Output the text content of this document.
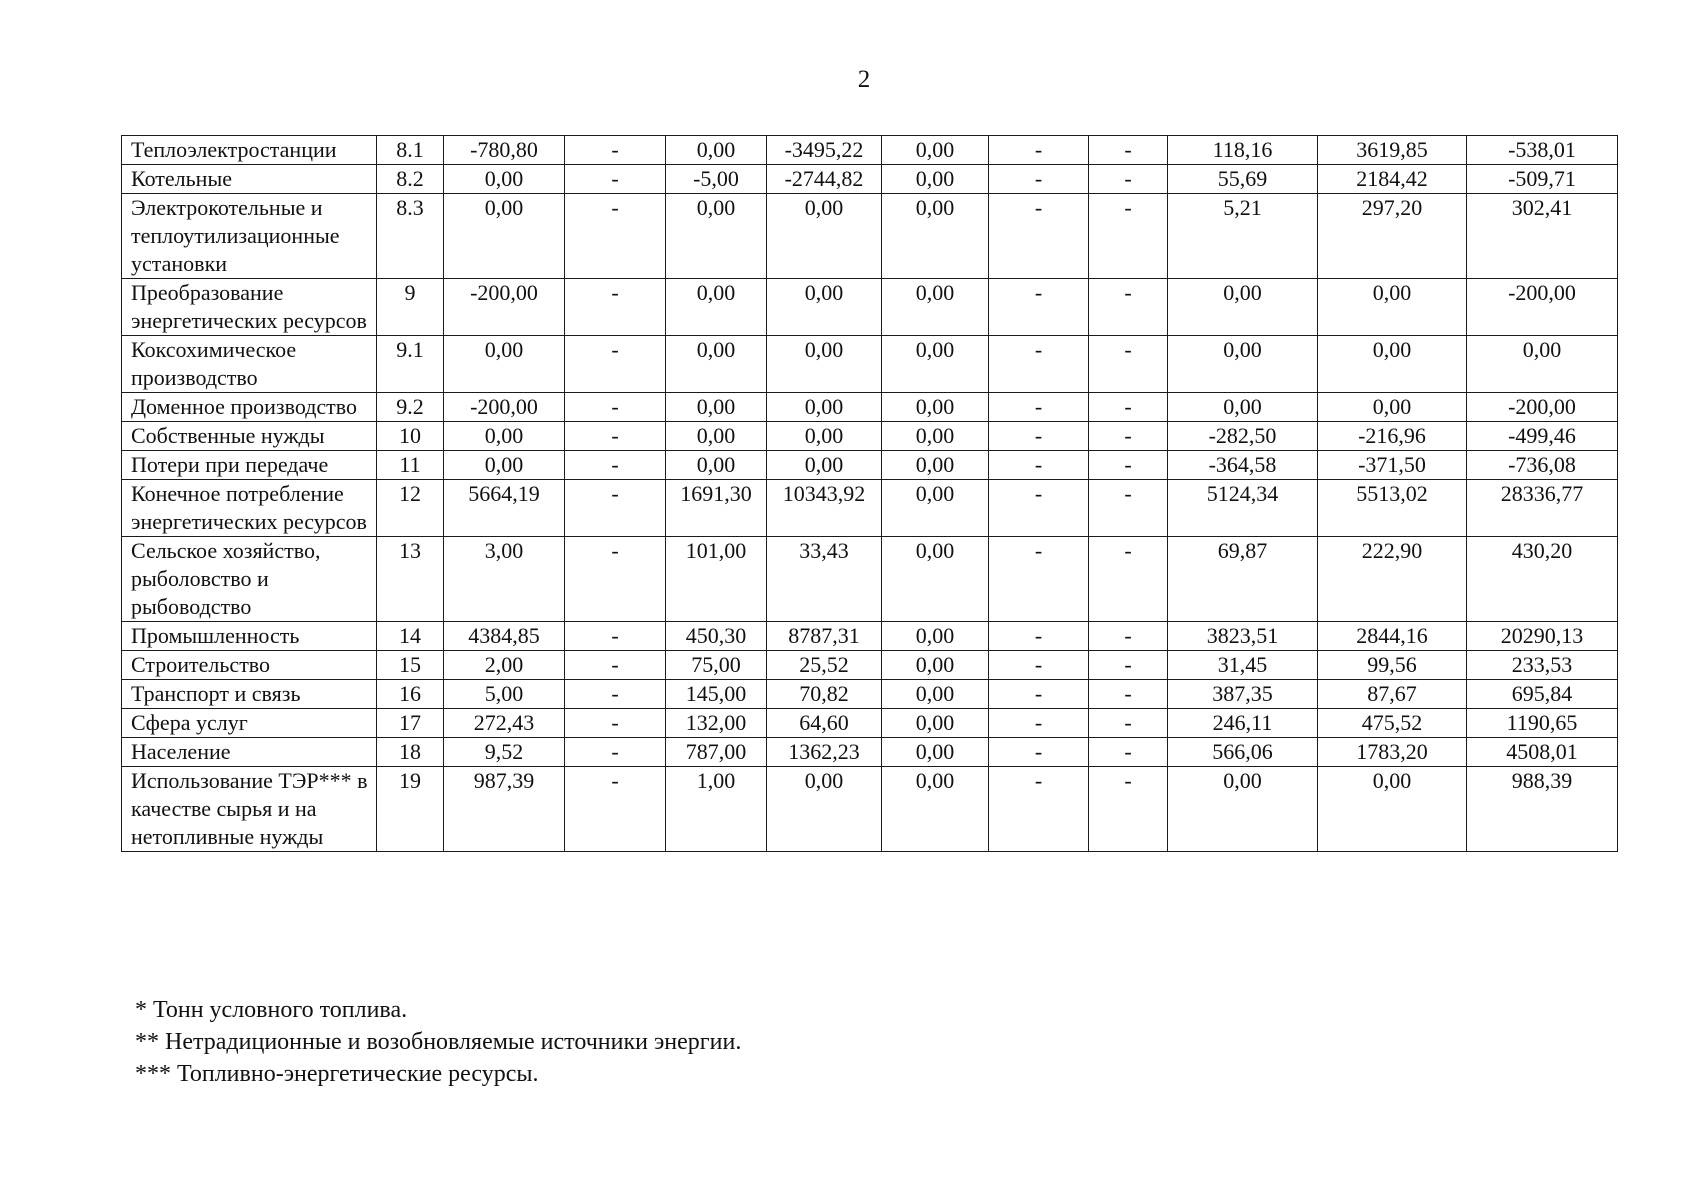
2
Теплоэлектростанции	8.1	-780,80	-	0,00	-3495,22	0,00	-	-	118,16	3619,85	-538,01
Котельные	8.2	0,00	-	-5,00	-2744,82	0,00	-	-	55,69	2184,42	-509,71
Электрокотельные и теплоутилизационные установки	8.3	0,00	-	0,00	0,00	0,00	-	-	5,21	297,20	302,41
Преобразование энергетических ресурсов	9	-200,00	-	0,00	0,00	0,00	-	-	0,00	0,00	-200,00
Коксохимическое производство	9.1	0,00	-	0,00	0,00	0,00	-	-	0,00	0,00	0,00
Доменное производство	9.2	-200,00	-	0,00	0,00	0,00	-	-	0,00	0,00	-200,00
Собственные нужды	10	0,00	-	0,00	0,00	0,00	-	-	-282,50	-216,96	-499,46
Потери при передаче	11	0,00	-	0,00	0,00	0,00	-	-	-364,58	-371,50	-736,08
Конечное потребление энергетических ресурсов	12	5664,19	-	1691,30	10343,92	0,00	-	-	5124,34	5513,02	28336,77
Сельское хозяйство, рыболовство и рыбоводство	13	3,00	-	101,00	33,43	0,00	-	-	69,87	222,90	430,20
Промышленность	14	4384,85	-	450,30	8787,31	0,00	-	-	3823,51	2844,16	20290,13
Строительство	15	2,00	-	75,00	25,52	0,00	-	-	31,45	99,56	233,53
Транспорт и связь	16	5,00	-	145,00	70,82	0,00	-	-	387,35	87,67	695,84
Сфера услуг	17	272,43	-	132,00	64,60	0,00	-	-	246,11	475,52	1190,65
Население	18	9,52	-	787,00	1362,23	0,00	-	-	566,06	1783,20	4508,01
Использование ТЭР*** в качестве сырья и на нетопливные нужды	19	987,39	-	1,00	0,00	0,00	-	-	0,00	0,00	988,39
* Тонн условного топлива.
** Нетрадиционные и возобновляемые источники энергии.
*** Топливно-энергетические ресурсы.
